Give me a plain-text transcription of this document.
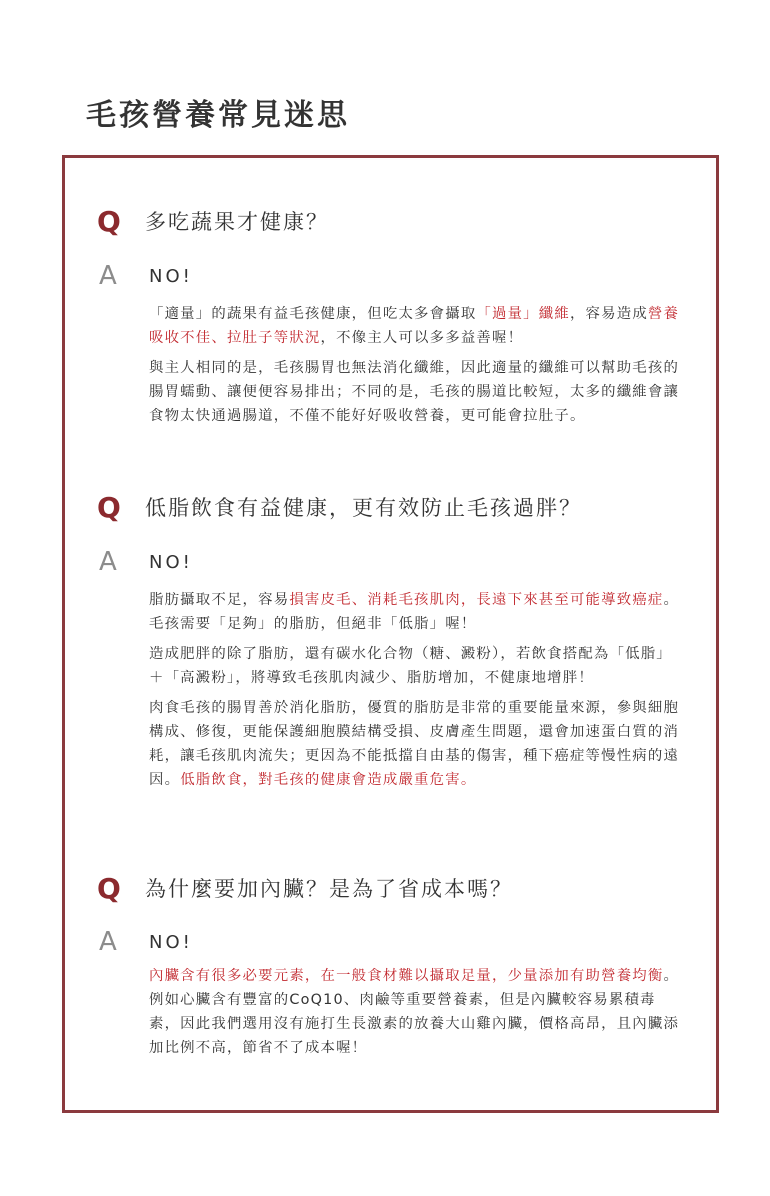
毛孩營養常見迷思
Q 多吃蔬果才健康？
A NO!

「適量」的蔬果有益毛孩健康，但吃太多會攝取「過量」纖維，容易造成營養吸收不佳、拉肚子等狀況，不像主人可以多多益善喔！

與主人相同的是，毛孩腸胃也無法消化纖維，因此適量的纖維可以幫助毛孩的腸胃蠕動、讓便便容易排出；不同的是，毛孩的腸道比較短，太多的纖維會讓食物太快通過腸道，不僅不能好好吸收營養，更可能會拉肚子。

Q 低脂飲食有益健康，更有效防止毛孩過胖？
A NO!

脂肪攝取不足，容易損害皮毛、消耗毛孩肌肉，長遠下來甚至可能導致癌症。毛孩需要「足夠」的脂肪，但絕非「低脂」喔！

造成肥胖的除了脂肪，還有碳水化合物（糖、澱粉），若飲食搭配為「低脂」＋「高澱粉」，將導致毛孩肌肉減少、脂肪增加，不健康地增胖！

肉食毛孩的腸胃善於消化脂肪，優質的脂肪是非常的重要能量來源，參與細胞構成、修復，更能保護細胞膜結構受損、皮膚產生問題，還會加速蛋白質的消耗，讓毛孩肌肉流失；更因為不能抵擋自由基的傷害，種下癌症等慢性病的遠因。低脂飲食，對毛孩的健康會造成嚴重危害。

Q 為什麼要加內臟？是為了省成本嗎？
A NO!

內臟含有很多必要元素，在一般食材難以攝取足量，少量添加有助營養均衡。例如心臟含有豐富的CoQ10、肉鹼等重要營養素，但是內臟較容易累積毒素，因此我們選用沒有施打生長激素的放養大山雞內臟，價格高昂，且內臟添加比例不高，節省不了成本喔！
